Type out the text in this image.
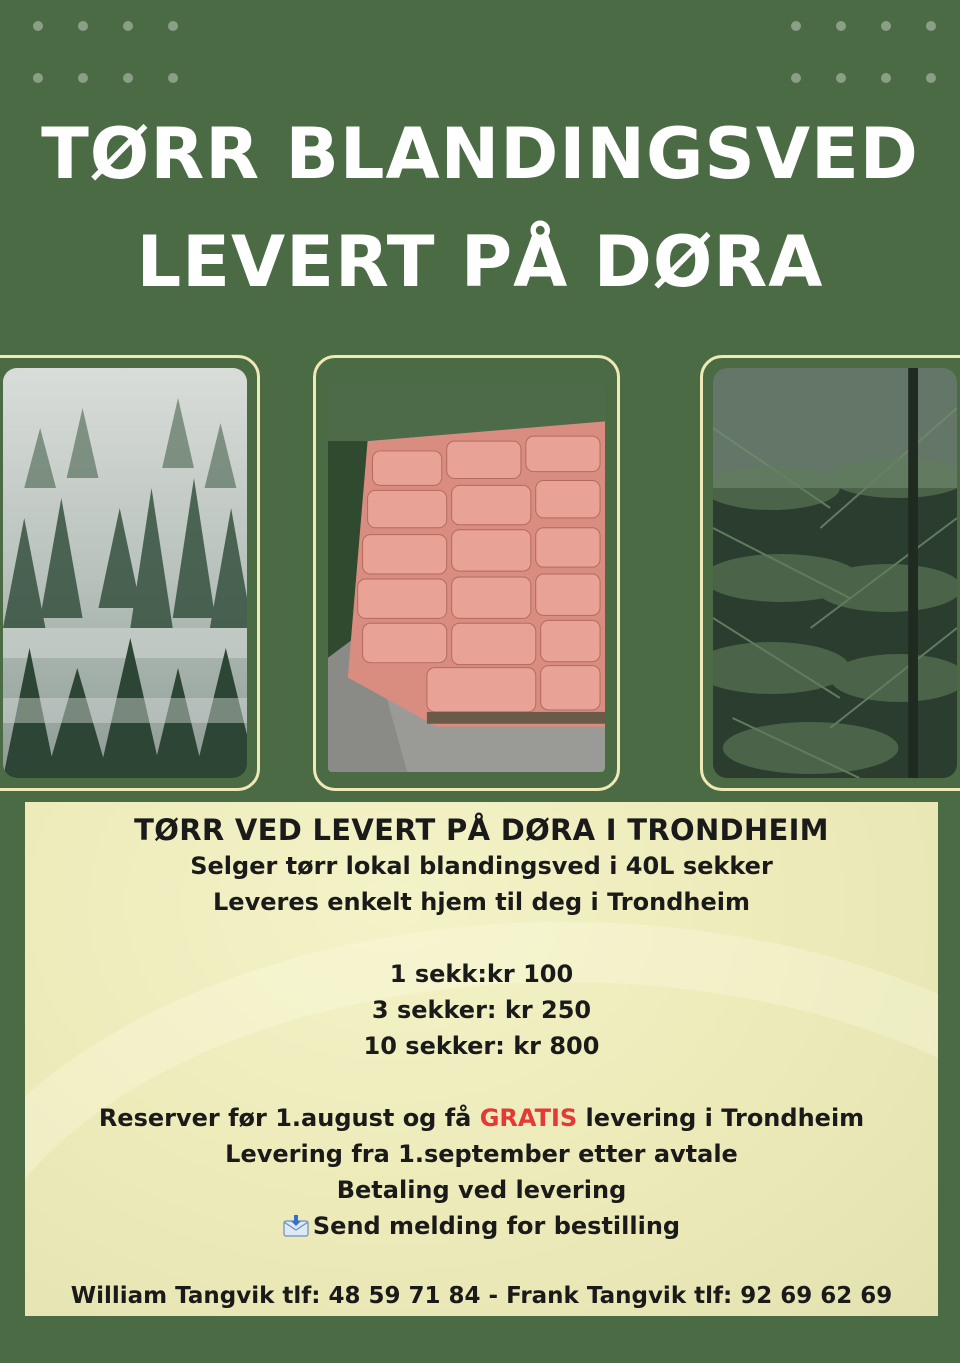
TØRR BLANDINGSVED
LEVERT PÅ DØRA
TØRR VED LEVERT PÅ DØRA I TRONDHEIM
Selger tørr lokal blandingsved i 40L sekker
Leveres enkelt hjem til deg i Trondheim
1 sekk:kr 100
3 sekker: kr 250
10 sekker: kr 800
Reserver før 1.august og få GRATIS levering i Trondheim
Levering fra 1.september etter avtale
Betaling ved levering
Send melding for bestilling
William Tangvik tlf: 48 59 71 84 - Frank Tangvik tlf: 92 69 62 69
